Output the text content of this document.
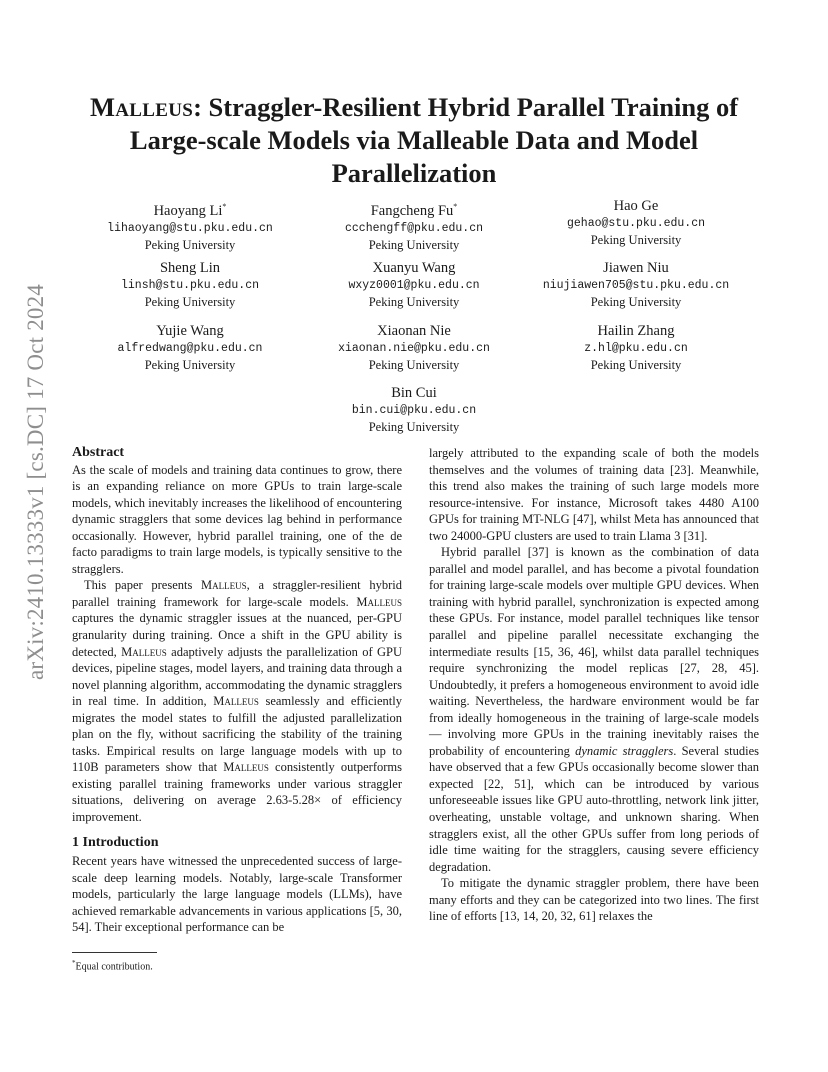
arXiv:2410.13333v1 [cs.DC] 17 Oct 2024
Malleus: Straggler-Resilient Hybrid Parallel Training of Large-scale Models via Malleable Data and Model Parallelization
Haoyang Li*
lihaoyang@stu.pku.edu.cn
Peking University
Fangcheng Fu*
ccchengff@pku.edu.cn
Peking University
Hao Ge
gehao@stu.pku.edu.cn
Peking University
Sheng Lin
linsh@stu.pku.edu.cn
Peking University
Xuanyu Wang
wxyz0001@pku.edu.cn
Peking University
Jiawen Niu
niujiawen705@stu.pku.edu.cn
Peking University
Yujie Wang
alfredwang@pku.edu.cn
Peking University
Xiaonan Nie
xiaonan.nie@pku.edu.cn
Peking University
Hailin Zhang
z.hl@pku.edu.cn
Peking University
Bin Cui
bin.cui@pku.edu.cn
Peking University

Abstract

As the scale of models and training data continues to grow, there is an expanding reliance on more GPUs to train large-scale models, which inevitably increases the likelihood of encountering dynamic stragglers that some devices lag behind in performance occasionally. However, hybrid parallel training, one of the de facto paradigms to train large models, is typically sensitive to the stragglers.

This paper presents Malleus, a straggler-resilient hybrid parallel training framework for large-scale models. Malleus captures the dynamic straggler issues at the nuanced, per-GPU granularity during training. Once a shift in the GPU ability is detected, Malleus adaptively adjusts the parallelization of GPU devices, pipeline stages, model layers, and training data through a novel planning algorithm, accommodating the dynamic stragglers in real time. In addition, Malleus seamlessly and efficiently migrates the model states to fulfill the adjusted parallelization plan on the fly, without sacrificing the stability of the training tasks. Empirical results on large language models with up to 110B parameters show that Malleus consistently outperforms existing parallel training frameworks under various straggler situations, delivering on average 2.63-5.28× of efficiency improvement.

1 Introduction

Recent years have witnessed the unprecedented success of large-scale deep learning models. Notably, large-scale Transformer models, particularly the large language models (LLMs), have achieved remarkable advancements in various applications [5, 30, 54]. Their exceptional performance can be

largely attributed to the expanding scale of both the models themselves and the volumes of training data [23]. Meanwhile, this trend also makes the training of such large models more resource-intensive. For instance, Microsoft takes 4480 A100 GPUs for training MT-NLG [47], whilst Meta has announced that two 24000-GPU clusters are used to train Llama 3 [31].

Hybrid parallel [37] is known as the combination of data parallel and model parallel, and has become a pivotal foundation for training large-scale models over multiple GPU devices. When training with hybrid parallel, synchronization is expected among these GPUs. For instance, model parallel techniques like tensor parallel and pipeline parallel necessitate exchanging the intermediate results [15, 36, 46], whilst data parallel techniques require synchronizing the model replicas [27, 28, 45]. Undoubtedly, it prefers a homogeneous environment to avoid idle waiting. Nevertheless, the hardware environment would be far from ideally homogeneous in the training of large-scale models — involving more GPUs in the training inevitably raises the probability of encountering dynamic stragglers. Several studies have observed that a few GPUs occasionally become slower than expected [22, 51], which can be introduced by various unforeseeable issues like GPU auto-throttling, network link jitter, overheating, unstable voltage, and unknown sharing. When stragglers exist, all the other GPUs suffer from long periods of idle time waiting for the stragglers, causing severe efficiency degradation.

To mitigate the dynamic straggler problem, there have been many efforts and they can be categorized into two lines. The first line of efforts [13, 14, 20, 32, 61] relaxes the

*Equal contribution.
